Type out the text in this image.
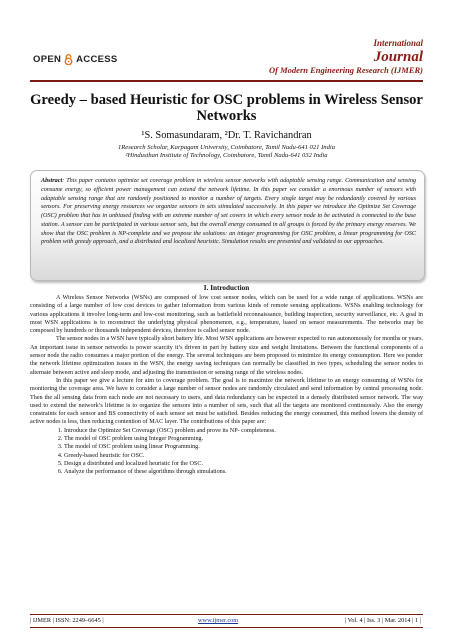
OPEN ACCESS
International
Journal
Of Modern Engineering Research (IJMER)
Greedy – based Heuristic for OSC problems in Wireless Sensor Networks
¹S. Somasundaram, ²Dr. T. Ravichandran
1Research Scholar, Karpagam University, Coimbatore, Tamil Nadu-641 021 India
²Hindusthan Institute of Technology, Coimbatore, Tamil Nadu-641 032 India
Abstract: This paper contains optimize set coverage problem in wireless sensor networks with adaptable sensing range. Communication and sensing consume energy, so efficient power management can extend the network lifetime. In this paper we consider a enormous number of sensors with adaptable sensing range that are randomly positioned to monitor a number of targets. Every single target may be redundantly covered by various sensors. For preserving energy resources we organize sensors in sets stimulated successively. In this paper we introduce the Optimize Set Coverage (OSC) problem that has in unbiased finding with an extreme number of set covers in which every sensor node to be activated is connected to the base station. A sensor can be participated in various sensor sets, but the overall energy consumed in all groups is forced by the primary energy reserves. We show that the OSC problem is NP-complete and we propose the solutions: an integer programming for OSC problem, a linear programming for OSC problem with greedy approach, and a distributed and localized heuristic. Simulation results are presented and validated to our approaches.
I. Introduction

A Wireless Sensor Networks (WSNs) are composed of low cost sensor nodes, which can be used for a wide range of applications. WSNs are consisting of a large number of low cost devices to gather information from various kinds of remote sensing applications. WSNs enabling technology for various applications it involve long-term and low-cost monitoring, such as battlefield reconnaissance, building inspection, security surveillance, etc. A goal in most WSN applications is to reconstruct the underlying physical phenomenon, e.g., temperature, based on sensor measurements. The networks may be composed by hundreds or thousands independent devices, therefore is called sensor node.

The sensor nodes in a WSN have typically short battery life. Most WSN applications are however expected to run autonomously for months or years. An important issue in sensor networks is power scarcity it’s driven in part by battery size and weight limitations. Between the functional components of a sensor node the radio consumes a major portion of the energy. The several techniques are been proposed to minimize its energy consumption. Here we ponder the network lifetime optimization issues in the WSN, the energy saving techniques can normally be classified in two types, scheduling the sensor nodes to alternate between active and sleep mode, and adjusting the transmission or sensing range of the wireless nodes.

In this paper we give a lecture for aim to coverage problem. The goal is to maximize the network lifetime to an energy consuming of WSNs for monitoring the coverage area. We have to consider a large number of sensor nodes are randomly circulated and send information by central processing node. Then the all sensing data from each node are not necessary to users, and data redundancy can be expected in a densely distributed sensor network. The way used to extend the network’s lifetime is to organize the sensors into a number of sets, such that all the targets are monitored continuously. Also the energy constraints for each sensor and BS connectivity of each sensor set must be satisfied. Besides reducing the energy consumed, this method lowers the density of active nodes is less, then reducing contention of MAC layer. The contributions of this paper are:

1. Introduce the Optimize Set Coverage (OSC) problem and prove its NP- completeness.
2. The model of OSC problem using Integer Programming.
3. The model of OSC problem using linear Programming.
4. Greedy-based heuristic for OSC.
5. Design a distributed and localized heuristic for the OSC.
6. Analyze the performance of these algorithms through simulations.
| IJMER | ISSN: 2249–6645 |	www.ijmer.com	| Vol. 4 | Iss. 3 | Mar. 2014 | 1 |
